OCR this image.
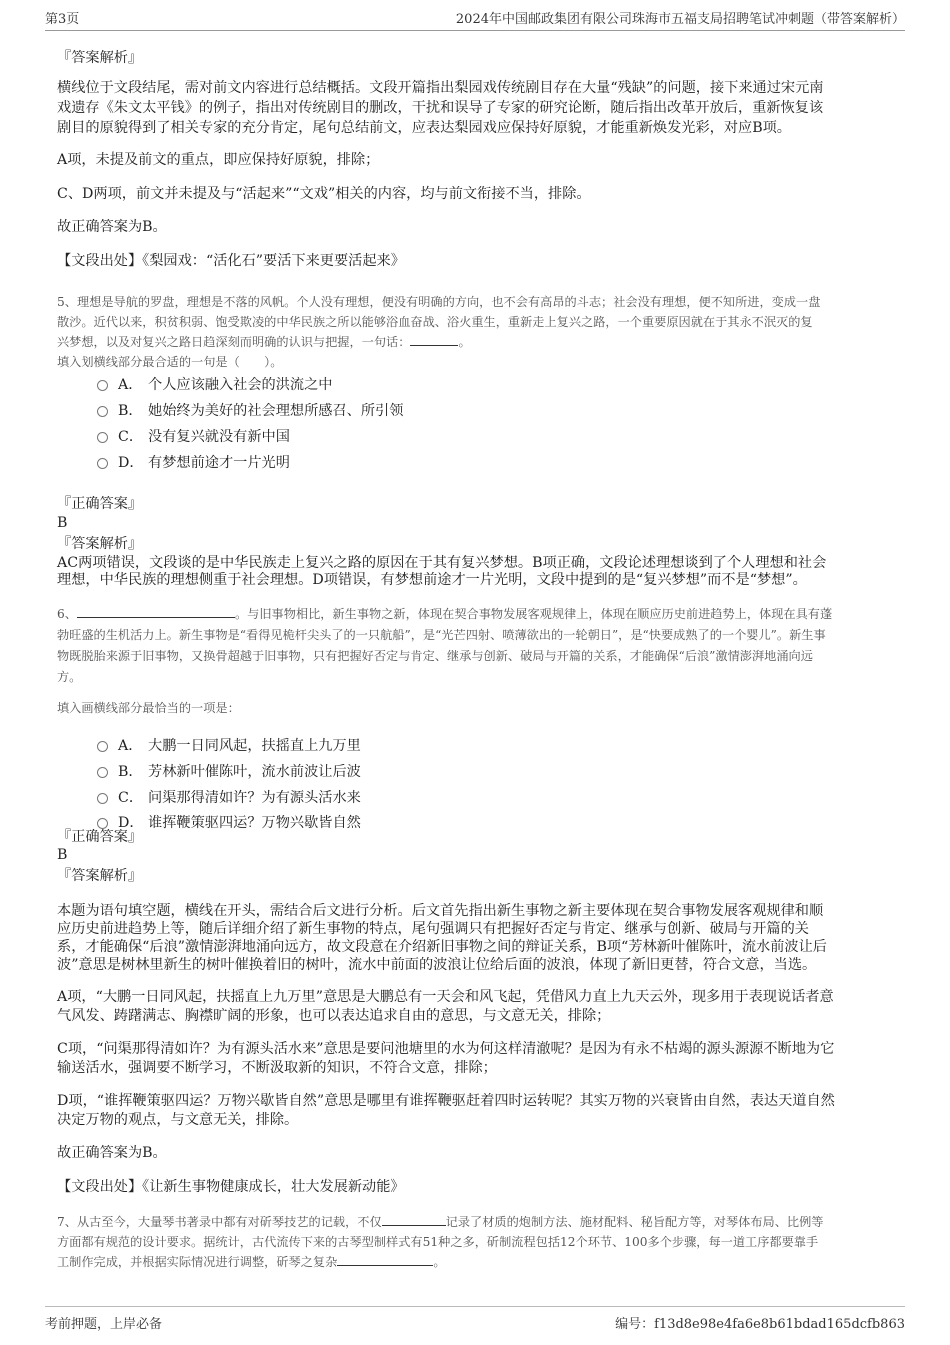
第3页	2024年中国邮政集团有限公司珠海市五福支局招聘笔试冲刺题（带答案解析）
『答案解析』
横线位于文段结尾，需对前文内容进行总结概括。文段开篇指出梨园戏传统剧目存在大量“残缺”的问题，接下来通过宋元南
戏遗存《朱文太平钱》的例子，指出对传统剧目的删改，干扰和误导了专家的研究论断，随后指出改革开放后，重新恢复该
剧目的原貌得到了相关专家的充分肯定，尾句总结前文，应表达梨园戏应保持好原貌，才能重新焕发光彩，对应B项。
A项，未提及前文的重点，即应保持好原貌，排除；
C、D两项，前文并未提及与“活起来”“文戏”相关的内容，均与前文衔接不当，排除。
故正确答案为B。
【文段出处】《梨园戏：“活化石”要活下来更要活起来》
5、理想是导航的罗盘，理想是不落的风帆。个人没有理想，便没有明确的方向，也不会有高昂的斗志；社会没有理想，便不知所进，变成一盘
散沙。近代以来，积贫积弱、饱受欺凌的中华民族之所以能够浴血奋战、浴火重生，重新走上复兴之路，一个重要原因就在于其永不泯灭的复
兴梦想，以及对复兴之路日趋深刻而明确的认识与把握，一句话：	。
填入划横线部分最合适的一句是（　　）。
A． 个人应该融入社会的洪流之中
B． 她始终为美好的社会理想所感召、所引领
C． 没有复兴就没有新中国
D． 有梦想前途才一片光明
『正确答案』
B
『答案解析』
AC两项错误，文段谈的是中华民族走上复兴之路的原因在于其有复兴梦想。B项正确，文段论述理想谈到了个人理想和社会
理想，中华民族的理想侧重于社会理想。D项错误，有梦想前途才一片光明，文段中提到的是“复兴梦想”而不是“梦想”。
6、	。与旧事物相比，新生事物之新，体现在契合事物发展客观规律上，体现在顺应历史前进趋势上，体现在具有蓬
勃旺盛的生机活力上。新生事物是“看得见桅杆尖头了的一只航船”，是“光芒四射、喷薄欲出的一轮朝日”，是“快要成熟了的一个婴儿”。新生事
物既脱胎来源于旧事物，又换骨超越于旧事物，只有把握好否定与肯定、继承与创新、破局与开篇的关系，才能确保“后浪”激情澎湃地涌向远
方。
填入画横线部分最恰当的一项是：
A． 大鹏一日同风起，扶摇直上九万里
B． 芳林新叶催陈叶，流水前波让后波
C． 问渠那得清如许？为有源头活水来
D． 谁挥鞭策驱四运？万物兴歇皆自然
『正确答案』
B
『答案解析』
本题为语句填空题，横线在开头，需结合后文进行分析。后文首先指出新生事物之新主要体现在契合事物发展客观规律和顺
应历史前进趋势上等，随后详细介绍了新生事物的特点，尾句强调只有把握好否定与肯定、继承与创新、破局与开篇的关
系，才能确保“后浪”激情澎湃地涌向远方，故文段意在介绍新旧事物之间的辩证关系，B项“芳林新叶催陈叶，流水前波让后
波”意思是树林里新生的树叶催换着旧的树叶，流水中前面的波浪让位给后面的波浪，体现了新旧更替，符合文意，当选。
A项，“大鹏一日同风起，扶摇直上九万里”意思是大鹏总有一天会和风飞起，凭借风力直上九天云外，现多用于表现说话者意
气风发、踌躇满志、胸襟旷阔的形象，也可以表达追求自由的意思，与文意无关，排除；
C项，“问渠那得清如许？为有源头活水来”意思是要问池塘里的水为何这样清澈呢？是因为有永不枯竭的源头源源不断地为它
输送活水，强调要不断学习，不断汲取新的知识，不符合文意，排除；
D项，“谁挥鞭策驱四运？万物兴歇皆自然”意思是哪里有谁挥鞭驱赶着四时运转呢？其实万物的兴衰皆由自然，表达天道自然
决定万物的观点，与文意无关，排除。
故正确答案为B。
【文段出处】《让新生事物健康成长，壮大发展新动能》
7、从古至今，大量琴书著录中都有对斫琴技艺的记载，不仅	记录了材质的炮制方法、施材配料、秘旨配方等，对琴体布局、比例等
方面都有规范的设计要求。据统计，古代流传下来的古琴型制样式有51种之多，斫制流程包括12个环节、100多个步骤，每一道工序都要靠手
工制作完成，并根据实际情况进行调整，斫琴之复杂	。
考前押题，上岸必备	编号：f13d8e98e4fa6e8b61bdad165dcfb863
